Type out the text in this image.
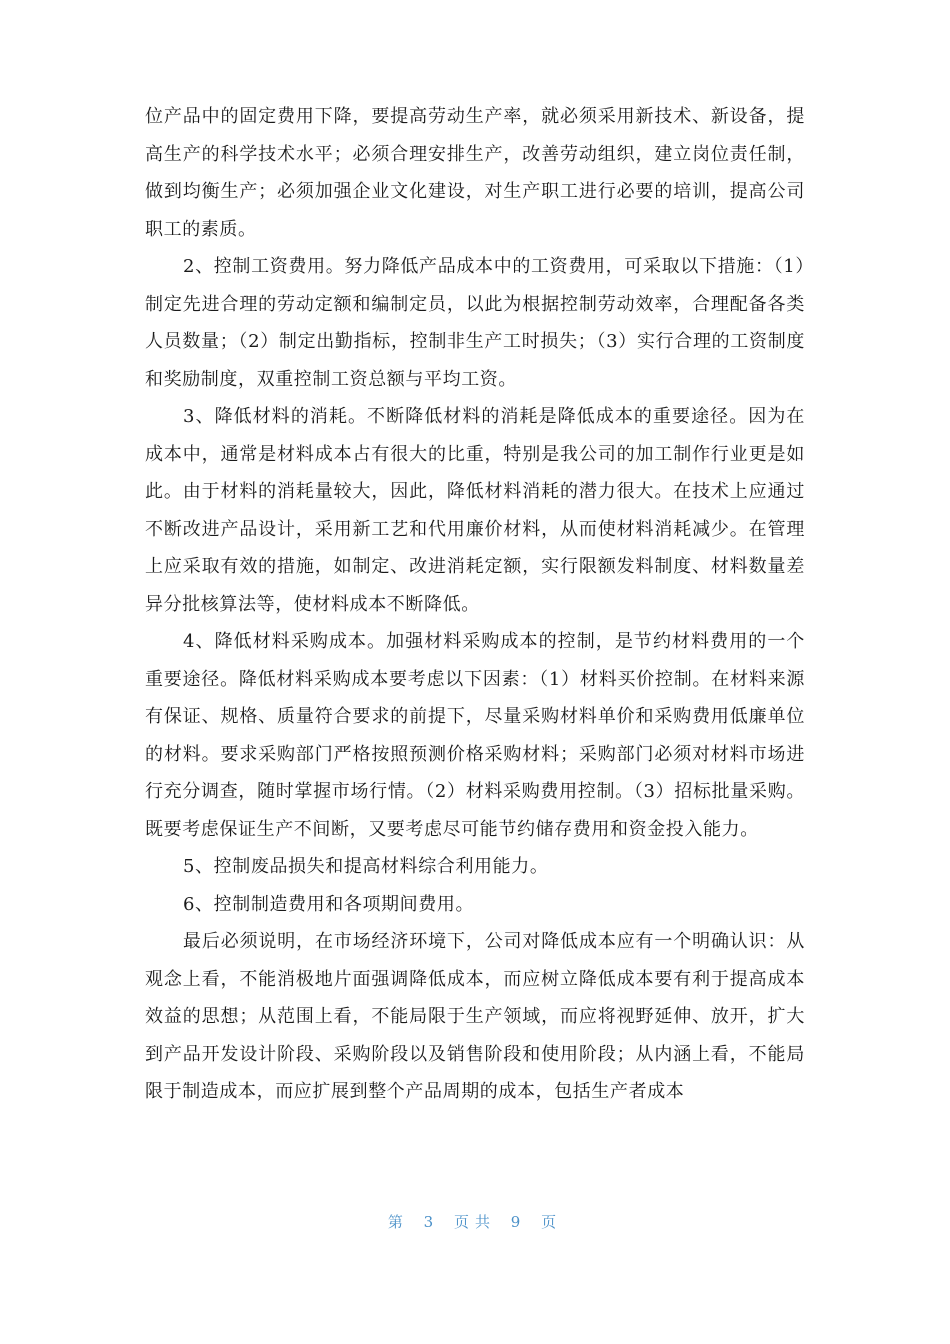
位产品中的固定费用下降，要提高劳动生产率，就必须采用新技术、新设备，提高生产的科学技术水平；必须合理安排生产，改善劳动组织，建立岗位责任制，做到均衡生产；必须加强企业文化建设，对生产职工进行必要的培训，提高公司职工的素质。

2、控制工资费用。努力降低产品成本中的工资费用，可采取以下措施：（1）制定先进合理的劳动定额和编制定员，以此为根据控制劳动效率，合理配备各类人员数量；（2）制定出勤指标，控制非生产工时损失；（3）实行合理的工资制度和奖励制度，双重控制工资总额与平均工资。

3、降低材料的消耗。不断降低材料的消耗是降低成本的重要途径。因为在成本中，通常是材料成本占有很大的比重，特别是我公司的加工制作行业更是如此。由于材料的消耗量较大，因此，降低材料消耗的潜力很大。在技术上应通过不断改进产品设计，采用新工艺和代用廉价材料，从而使材料消耗减少。在管理上应采取有效的措施，如制定、改进消耗定额，实行限额发料制度、材料数量差异分批核算法等，使材料成本不断降低。

4、降低材料采购成本。加强材料采购成本的控制，是节约材料费用的一个重要途径。降低材料采购成本要考虑以下因素：（1）材料买价控制。在材料来源有保证、规格、质量符合要求的前提下，尽量采购材料单价和采购费用低廉单位的材料。要求采购部门严格按照预测价格采购材料；采购部门必须对材料市场进行充分调查，随时掌握市场行情。（2）材料采购费用控制。（3）招标批量采购。既要考虑保证生产不间断，又要考虑尽可能节约储存费用和资金投入能力。

5、控制废品损失和提高材料综合利用能力。

6、控制制造费用和各项期间费用。

最后必须说明，在市场经济环境下，公司对降低成本应有一个明确认识：从观念上看，不能消极地片面强调降低成本，而应树立降低成本要有利于提高成本效益的思想；从范围上看，不能局限于生产领域，而应将视野延伸、放开，扩大到产品开发设计阶段、采购阶段以及销售阶段和使用阶段；从内涵上看，不能局限于制造成本，而应扩展到整个产品周期的成本，包括生产者成本

第 3 页共 9 页
